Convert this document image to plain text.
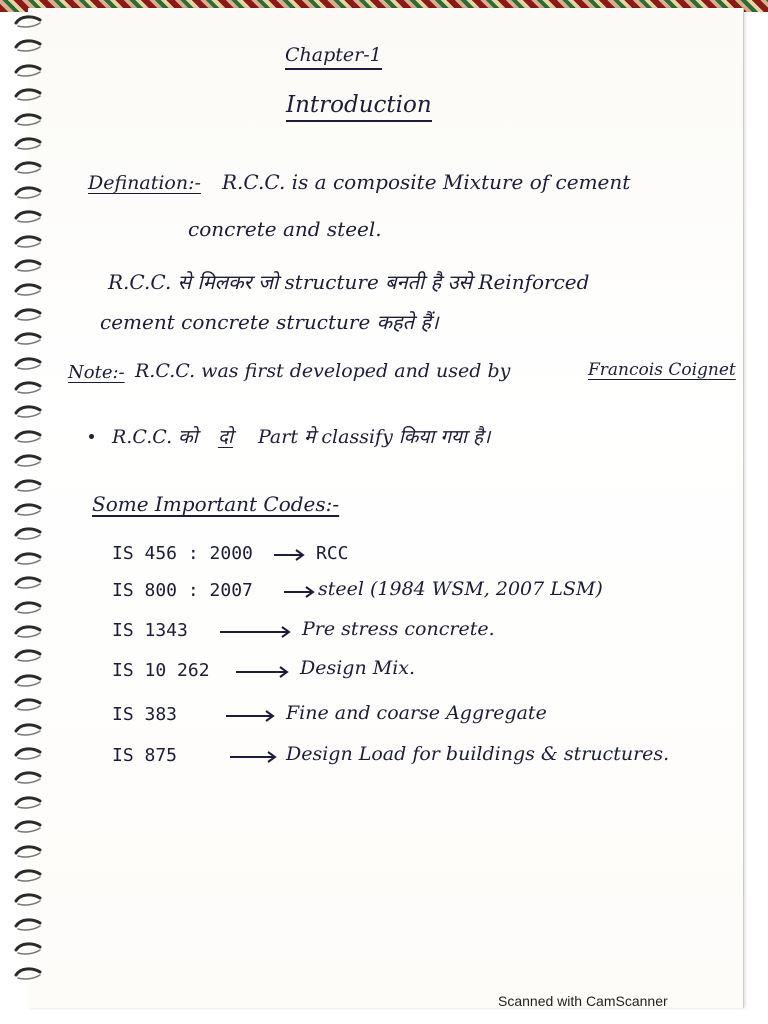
Chapter-1
Introduction
Defination:- R.C.C. is a composite Mixture of cement
concrete and steel.
R.C.C. से मिलकर जो structure बनती है उसे Reinforced
cement concrete structure कहते हैं।
Note:- R.C.C. was first developed and used by	Francois Coignet
R.C.C. को दो Part मे classify किया गया है।
Some Important Codes:-
IS 456 : 2000	RCC
IS 800 : 2007	steel (1984 WSM, 2007 LSM)
IS 1343	Pre stress concrete.
IS 10 262	Design Mix.
IS 383	Fine and coarse Aggregate
IS 875	Design Load for buildings & structures.
Scanned with CamScanner
